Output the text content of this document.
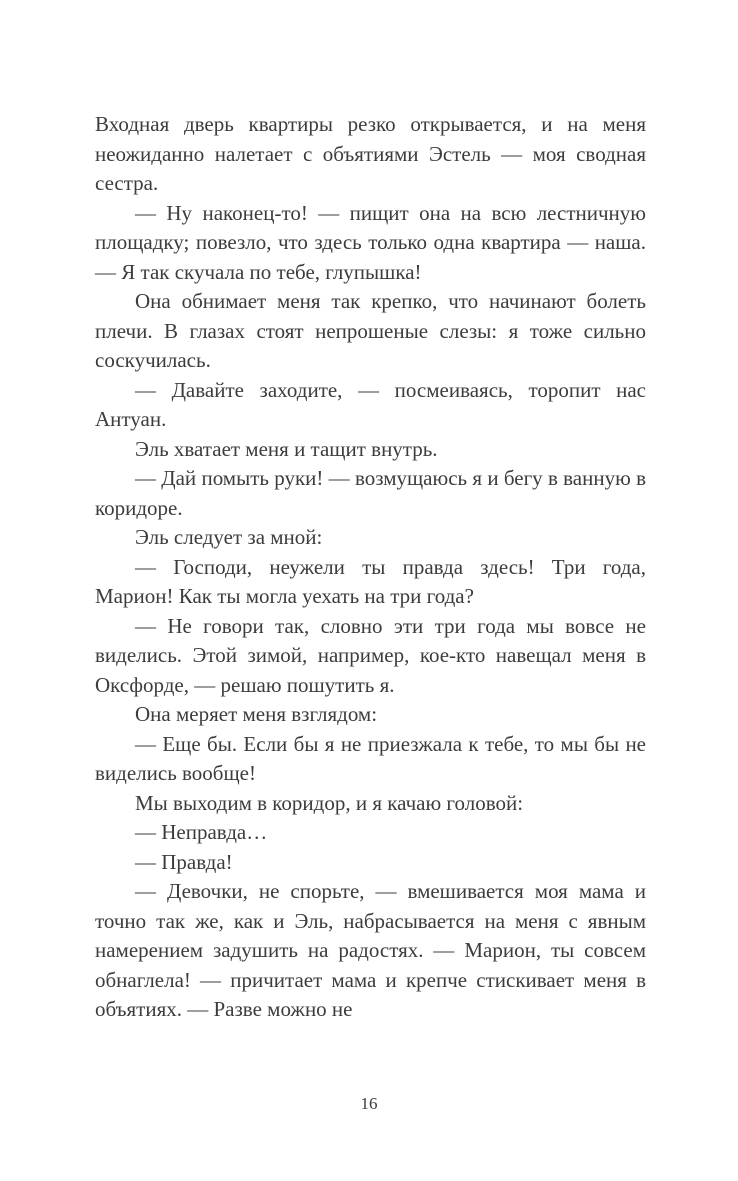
Входная дверь квартиры резко открывается, и на меня неожиданно налетает с объятиями Эстель — моя сводная сестра.

— Ну наконец-то! — пищит она на всю лестничную площадку; повезло, что здесь только одна квартира — наша. — Я так скучала по тебе, глупышка!

Она обнимает меня так крепко, что начинают болеть плечи. В глазах стоят непрошеные слезы: я тоже сильно соскучилась.

— Давайте заходите, — посмеиваясь, торопит нас Антуан.

Эль хватает меня и тащит внутрь.

— Дай помыть руки! — возмущаюсь я и бегу в ванную в коридоре.

Эль следует за мной:

— Господи, неужели ты правда здесь! Три года, Марион! Как ты могла уехать на три года?

— Не говори так, словно эти три года мы вовсе не виделись. Этой зимой, например, кое-кто навещал меня в Оксфорде, — решаю пошутить я.

Она меряет меня взглядом:

— Еще бы. Если бы я не приезжала к тебе, то мы бы не виделись вообще!

Мы выходим в коридор, и я качаю головой:

— Неправда…

— Правда!

— Девочки, не спорьте, — вмешивается моя мама и точно так же, как и Эль, набрасывается на меня с явным намерением задушить на радостях. — Марион, ты совсем обнаглела! — причитает мама и крепче стискивает меня в объятиях. — Разве можно не

16
